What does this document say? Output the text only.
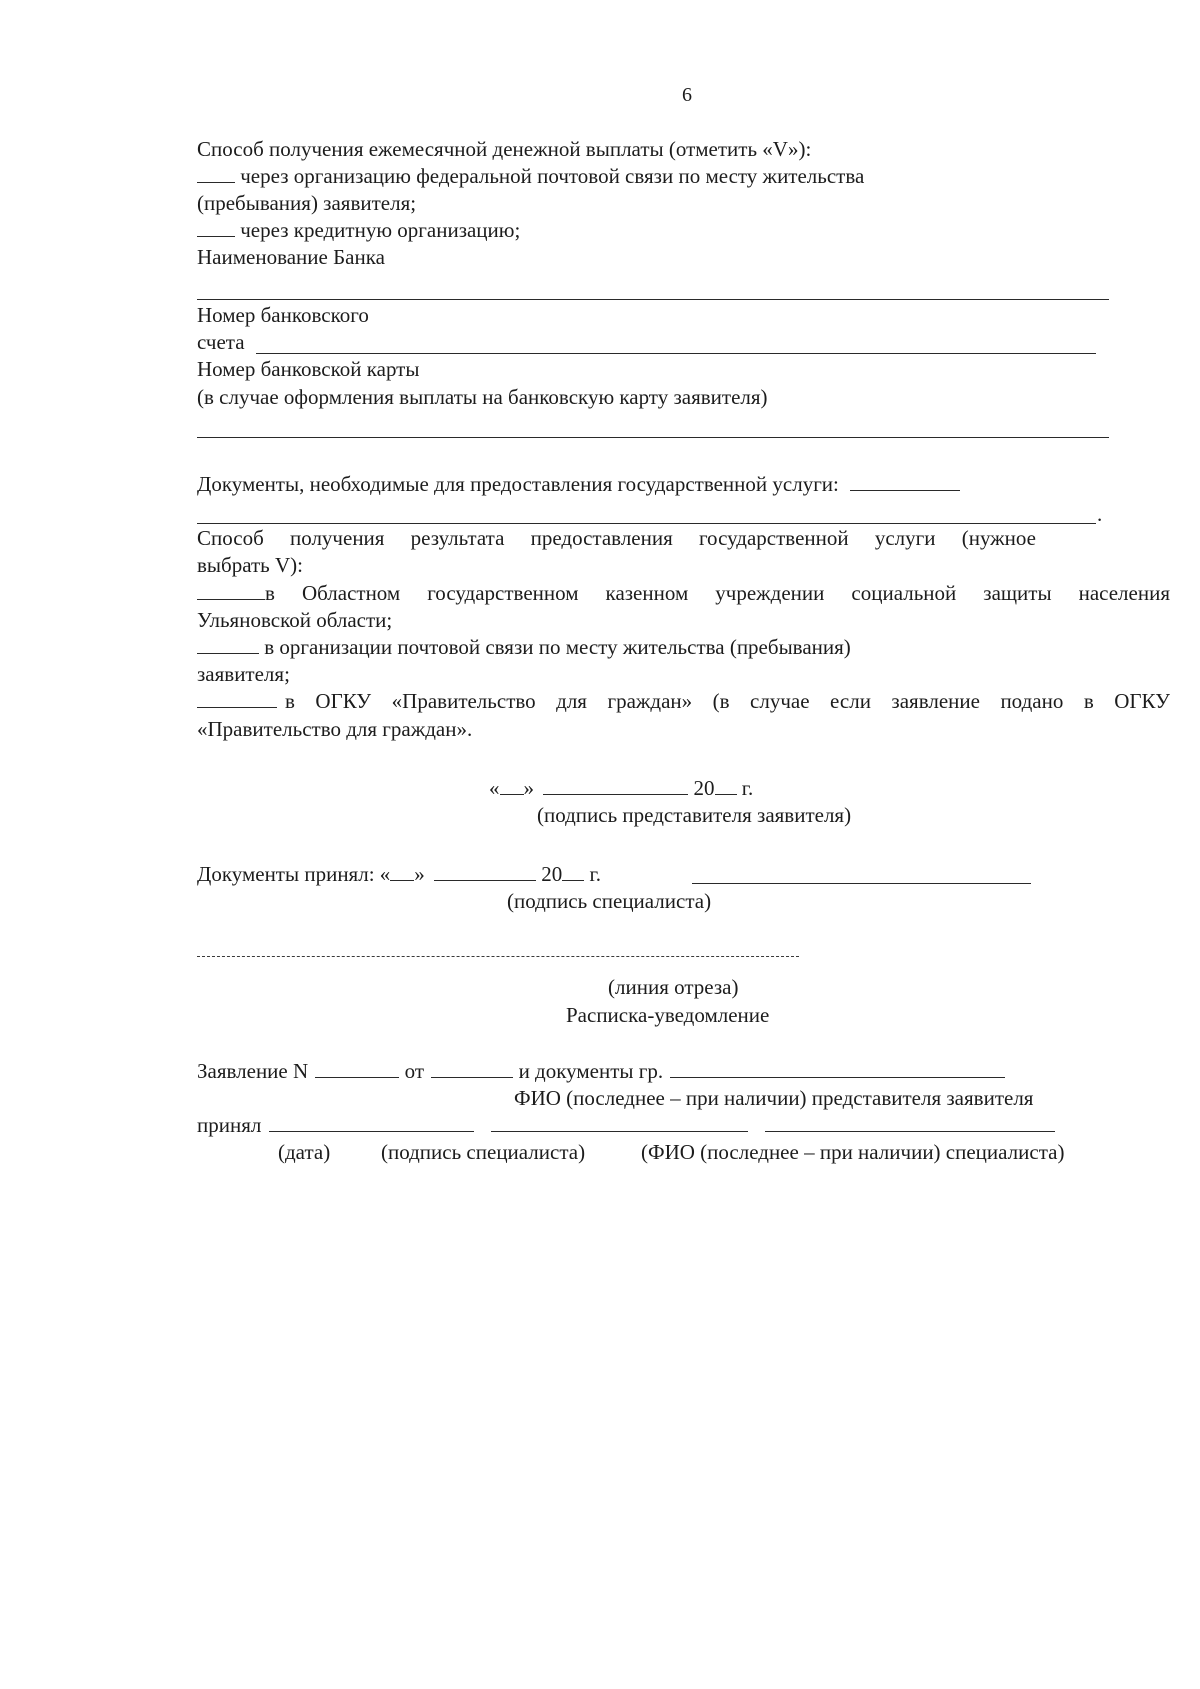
6
Способ получения ежемесячной денежной выплаты (отметить «V»):
через организацию федеральной почтовой связи по месту жительства
(пребывания) заявителя;
через кредитную организацию;
Наименование Банка
Номер банковского
счета
Номер банковской карты
(в случае оформления выплаты на банковскую карту заявителя)
Документы, необходимые для предоставления государственной услуги:
.
Способ получения результата предоставления государственной услуги (нужное
выбрать V):
в Областном государственном казенном учреждении социальной защиты населения
Ульяновской области;
в организации почтовой связи по месту жительства (пребывания)
заявителя;
в ОГКУ «Правительство для граждан» (в случае если заявление подано в ОГКУ
«Правительство для граждан».
« »	20 г.
(подпись представителя заявителя)
Документы принял: « »	20 г.
(подпись специалиста)
(линия отреза)
Расписка-уведомление
Заявление N	от	и документы гр.
ФИО (последнее – при наличии) представителя заявителя
принял
(дата) (подпись специалиста)	(ФИО (последнее – при наличии) специалиста)
